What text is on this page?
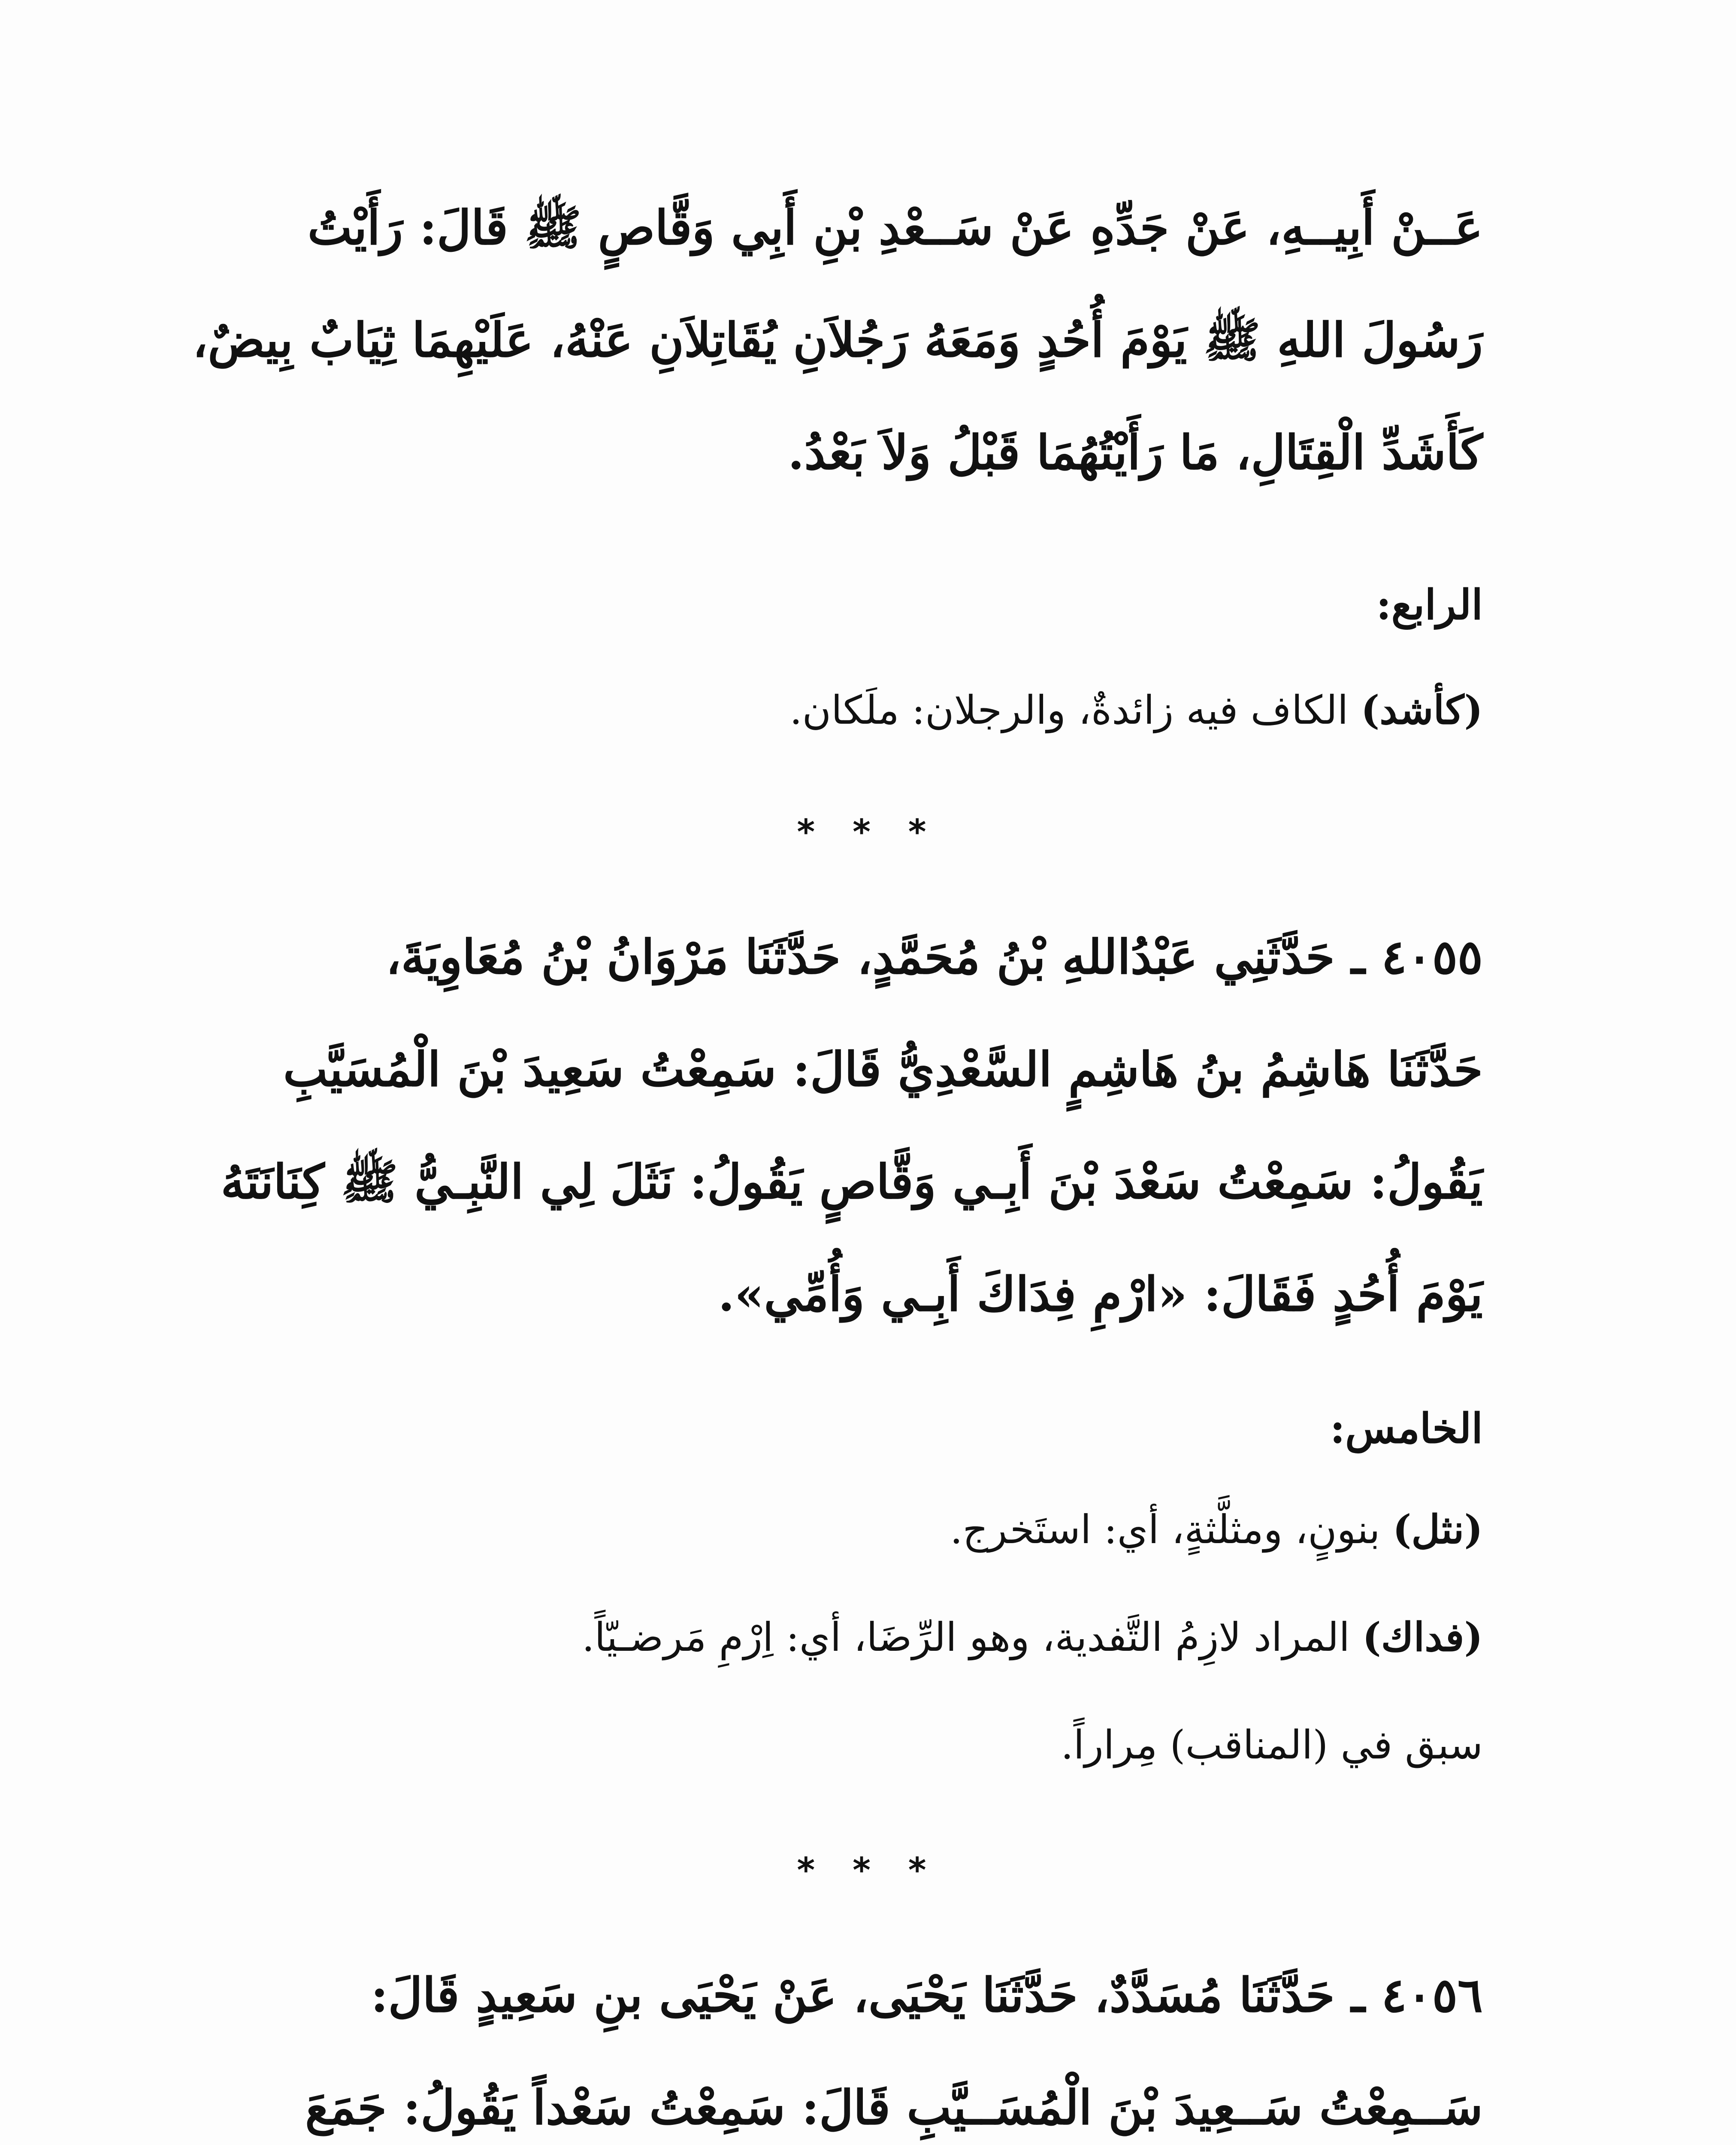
عَــنْ أَبِيــهِ، عَنْ جَدِّهِ عَنْ سَــعْدِ بْنِ أَبِي وَقَّاصٍ ﷺ قَالَ: رَأَيْتُ
رَسُولَ اللهِ ﷺ يَوْمَ أُحُدٍ وَمَعَهُ رَجُلاَنِ يُقَاتِلاَنِ عَنْهُ، عَلَيْهِمَا ثِيَابٌ بِيضٌ،
كَأَشَدِّ الْقِتَالِ، مَا رَأَيْتُهُمَا قَبْلُ وَلاَ بَعْدُ.
الرابع:
(كأشد) الكاف فيه زائدةٌ، والرجلان: ملَكان.
* * *
٤٠٥٥ ـ حَدَّثَنِي عَبْدُاللهِ بْنُ مُحَمَّدٍ، حَدَّثَنَا مَرْوَانُ بْنُ مُعَاوِيَةَ،
حَدَّثَنَا هَاشِمُ بنُ هَاشِمٍ السَّعْدِيُّ قَالَ: سَمِعْتُ سَعِيدَ بْنَ الْمُسَيَّبِ
يَقُولُ: سَمِعْتُ سَعْدَ بْنَ أَبِـي وَقَّاصٍ يَقُولُ: نَثَلَ لِي النَّبِـيُّ ﷺ كِنَانَتَهُ
يَوْمَ أُحُدٍ فَقَالَ: «ارْمِ فِدَاكَ أَبِـي وَأُمِّي».
الخامس:
(نثل) بنونٍ، ومثلَّثةٍ، أي: استَخرج.
(فداك) المراد لازِمُ التَّفدية، وهو الرِّضَا، أي: اِرْمِ مَرضـيّاً.
سبق في (المناقب) مِراراً.
* * *
٤٠٥٦ ـ حَدَّثَنَا مُسَدَّدٌ، حَدَّثَنَا يَحْيَى، عَنْ يَحْيَى بنِ سَعِيدٍ قَالَ:
سَــمِعْتُ سَــعِيدَ بْنَ الْمُسَــيَّبِ قَالَ: سَمِعْتُ سَعْداً يَقُولُ: جَمَعَ
